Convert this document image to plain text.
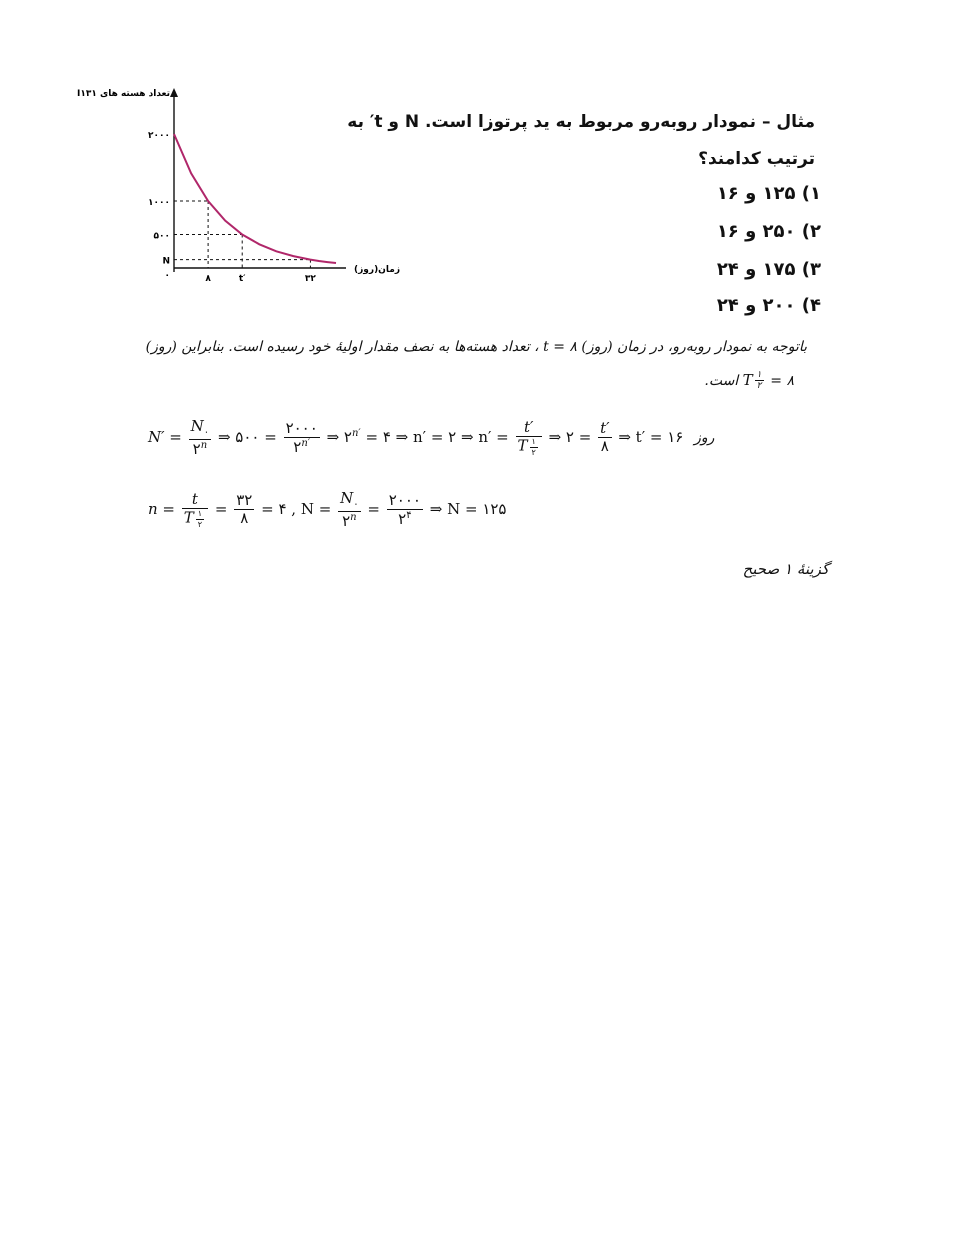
۲۰۰۰
۱۰۰۰
۵۰۰
N
۰	۸	t′	۳۲
تعداد هسته های I۱۳۱
زمان(روز)
مثال – نمودار روبه‌رو مربوط به ید پرتوزا است. N و t′ به
ترتیب کدامند؟
۱) ۱۲۵ و ۱۶
۲) ۲۵۰ و ۱۶
۳) ۱۷۵ و ۲۴
۴) ۲۰۰ و ۲۴
باتوجه به نمودار روبه‌رو، در زمان (روز) t = ۸ ، تعداد هسته‌ها به نصف مقدار اولیهٔ خود رسیده است. بنابراین (روز)
T $\frac{۱}{۲}$
= ۸ است.
$N' = \frac{N_۰}{۲^n}$ ⇒ ۵۰۰ = $\frac{۲۰۰۰}{۲^{n'}}$ ⇒ $۲^{n'}$ = ۴ ⇒ n′ = ۲ ⇒ $n' = \frac{t'}{T \frac{۱}{۲}}$ ⇒ ۲ = $\frac{t'}{۸}$ ⇒ t′ = ۱۶ روز
$n = \frac{t}{T \frac{۱}{۲}} = \frac{۳۲}{۸}$ = ۴ , $N = \frac{N_۰}{۲^n} = \frac{۲۰۰۰}{۲^۴}$ ⇒ N = ۱۲۵
گزینهٔ ۱ صحیح
